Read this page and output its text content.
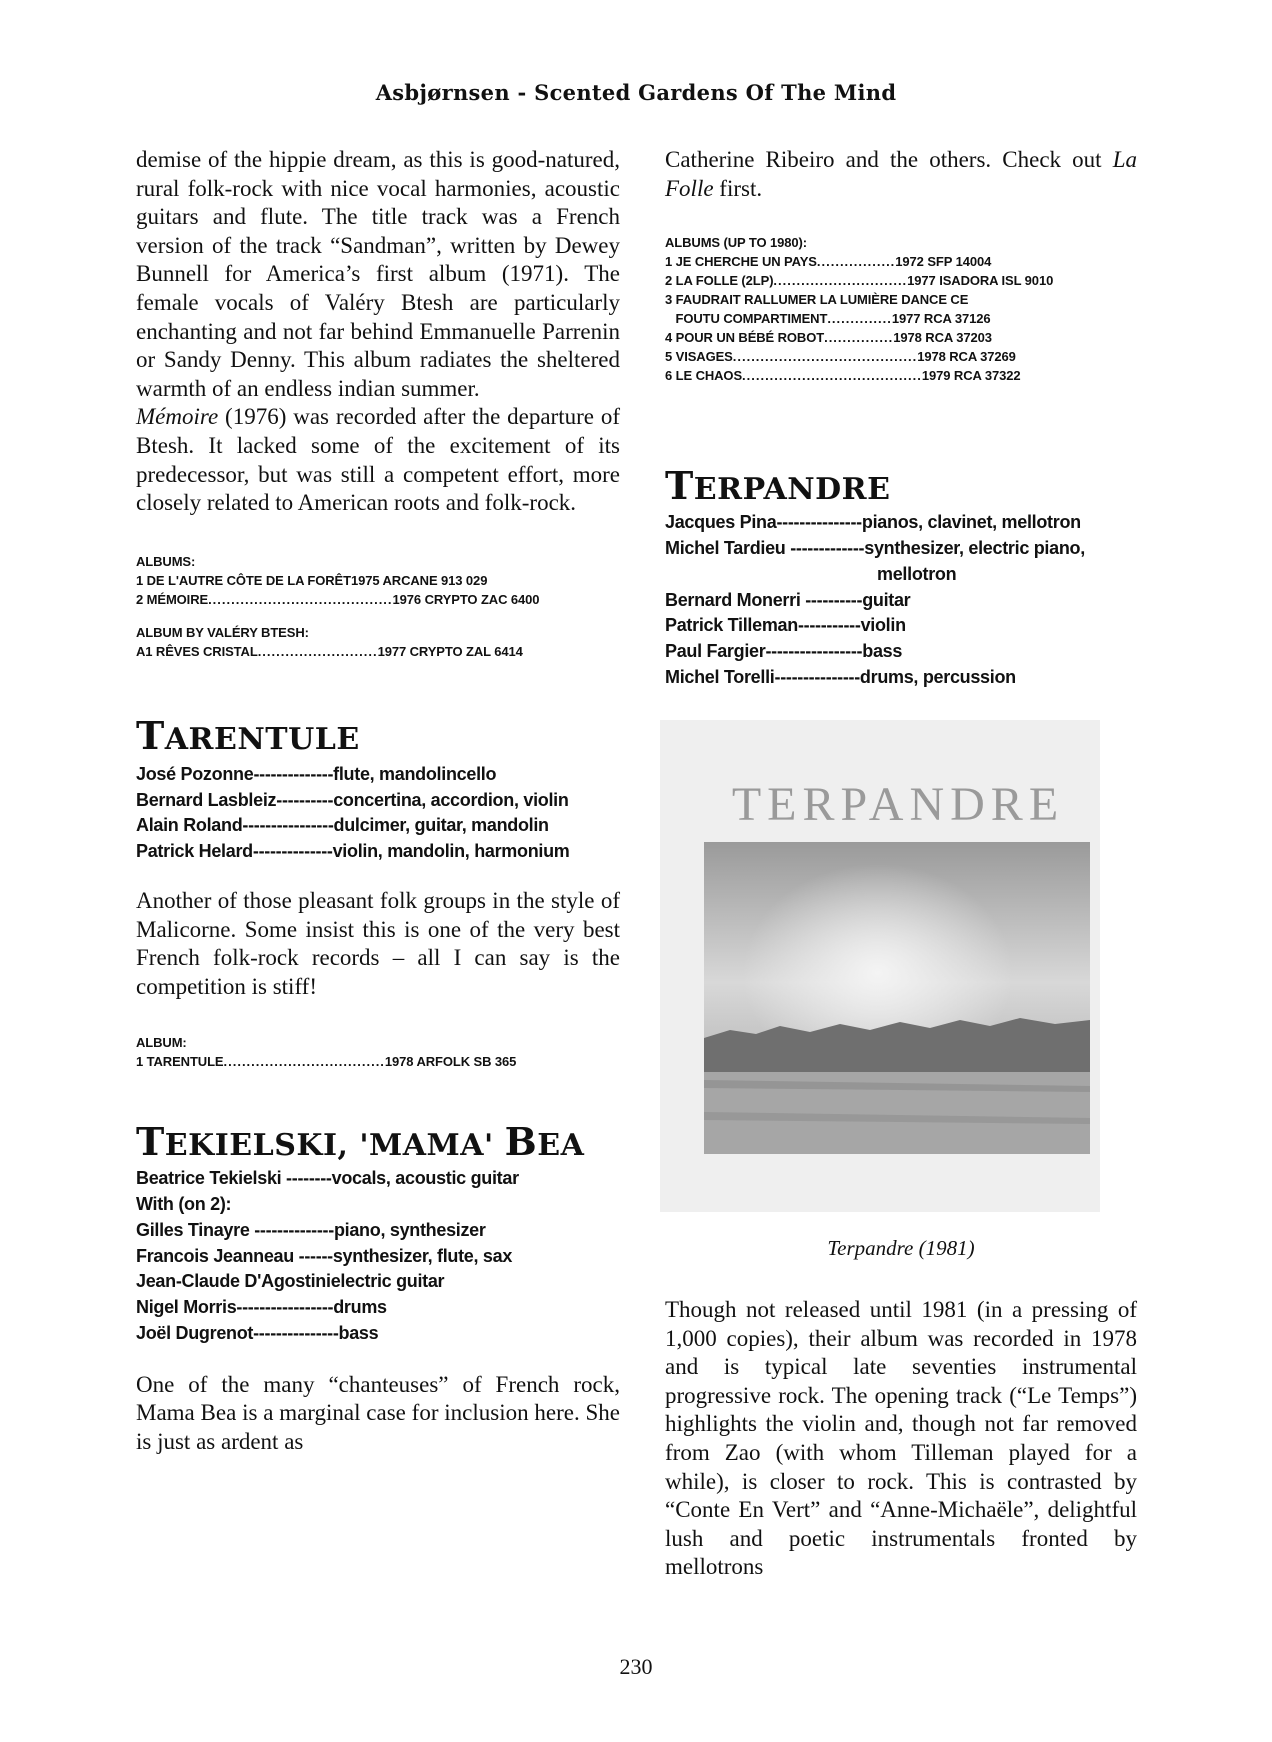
Asbjørnsen - Scented Gardens Of The Mind

demise of the hippie dream, as this is good-natured, rural folk-rock with nice vocal harmonies, acoustic guitars and flute. The title track was a French version of the track “Sandman”, written by Dewey Bunnell for America’s first album (1971). The female vocals of Valéry Btesh are particularly enchanting and not far behind Emmanuelle Parrenin or Sandy Denny. This album radiates the sheltered warmth of an endless indian summer.

Mémoire (1976) was recorded after the departure of Btesh. It lacked some of the excitement of its predecessor, but was still a competent effort, more closely related to American roots and folk-rock.

ALBUMS:
1 DE L'AUTRE CÔTE DE LA FORÊT 1975 ARCANE 913 029
2 MÉMOIRE ........................................ 1976 CRYPTO ZAC 6400
ALBUM BY VALÉRY BTESH:
A1 RÊVES CRISTAL .......................... 1977 CRYPTO ZAL 6414
TARENTULE
José Pozonne--------------flute, mandolincello
Bernard Lasbleiz----------concertina, accordion, violin
Alain Roland----------------dulcimer, guitar, mandolin
Patrick Helard--------------violin, mandolin, harmonium
Another of those pleasant folk groups in the style of Malicorne. Some insist this is one of the very best French folk-rock records – all I can say is the competition is stiff!
ALBUM:
1 TARENTULE ................................... 1978 ARFOLK SB 365
TEKIELSKI, 'MAMA' BEA
Beatrice Tekielski --------vocals, acoustic guitar
With (on 2):
Gilles Tinayre --------------piano, synthesizer
Francois Jeanneau ------synthesizer, flute, sax
Jean-Claude D'Agostinielectric guitar
Nigel Morris-----------------drums
Joël Dugrenot---------------bass
One of the many “chanteuses” of French rock, Mama Bea is a marginal case for inclusion here. She is just as ardent as
Catherine Ribeiro and the others. Check out La Folle first.
ALBUMS (UP TO 1980):
1 JE CHERCHE UN PAYS ................. 1972 SFP 14004
2 LA FOLLE (2LP) ............................. 1977 ISADORA ISL 9010
3 FAUDRAIT RALLUMER LA LUMIÈRE DANCE CE
FOUTU COMPARTIMENT .............. 1977 RCA 37126
4 POUR UN BÉBÉ ROBOT ............... 1978 RCA 37203
5 VISAGES ........................................ 1978 RCA 37269
6 LE CHAOS ....................................... 1979 RCA 37322
TERPANDRE
Jacques Pina---------------pianos, clavinet, mellotron
Michel Tardieu -------------synthesizer, electric piano,
mellotron
Bernard Monerri ----------guitar
Patrick Tilleman-----------violin
Paul Fargier-----------------bass
Michel Torelli---------------drums, percussion
TERPANDRE
Terpandre (1981)
Though not released until 1981 (in a pressing of 1,000 copies), their album was recorded in 1978 and is typical late seventies instrumental progressive rock. The opening track (“Le Temps”) highlights the violin and, though not far removed from Zao (with whom Tilleman played for a while), is closer to rock. This is contrasted by “Conte En Vert” and “Anne-Michaële”, delightful lush and poetic instrumentals fronted by mellotrons
230
